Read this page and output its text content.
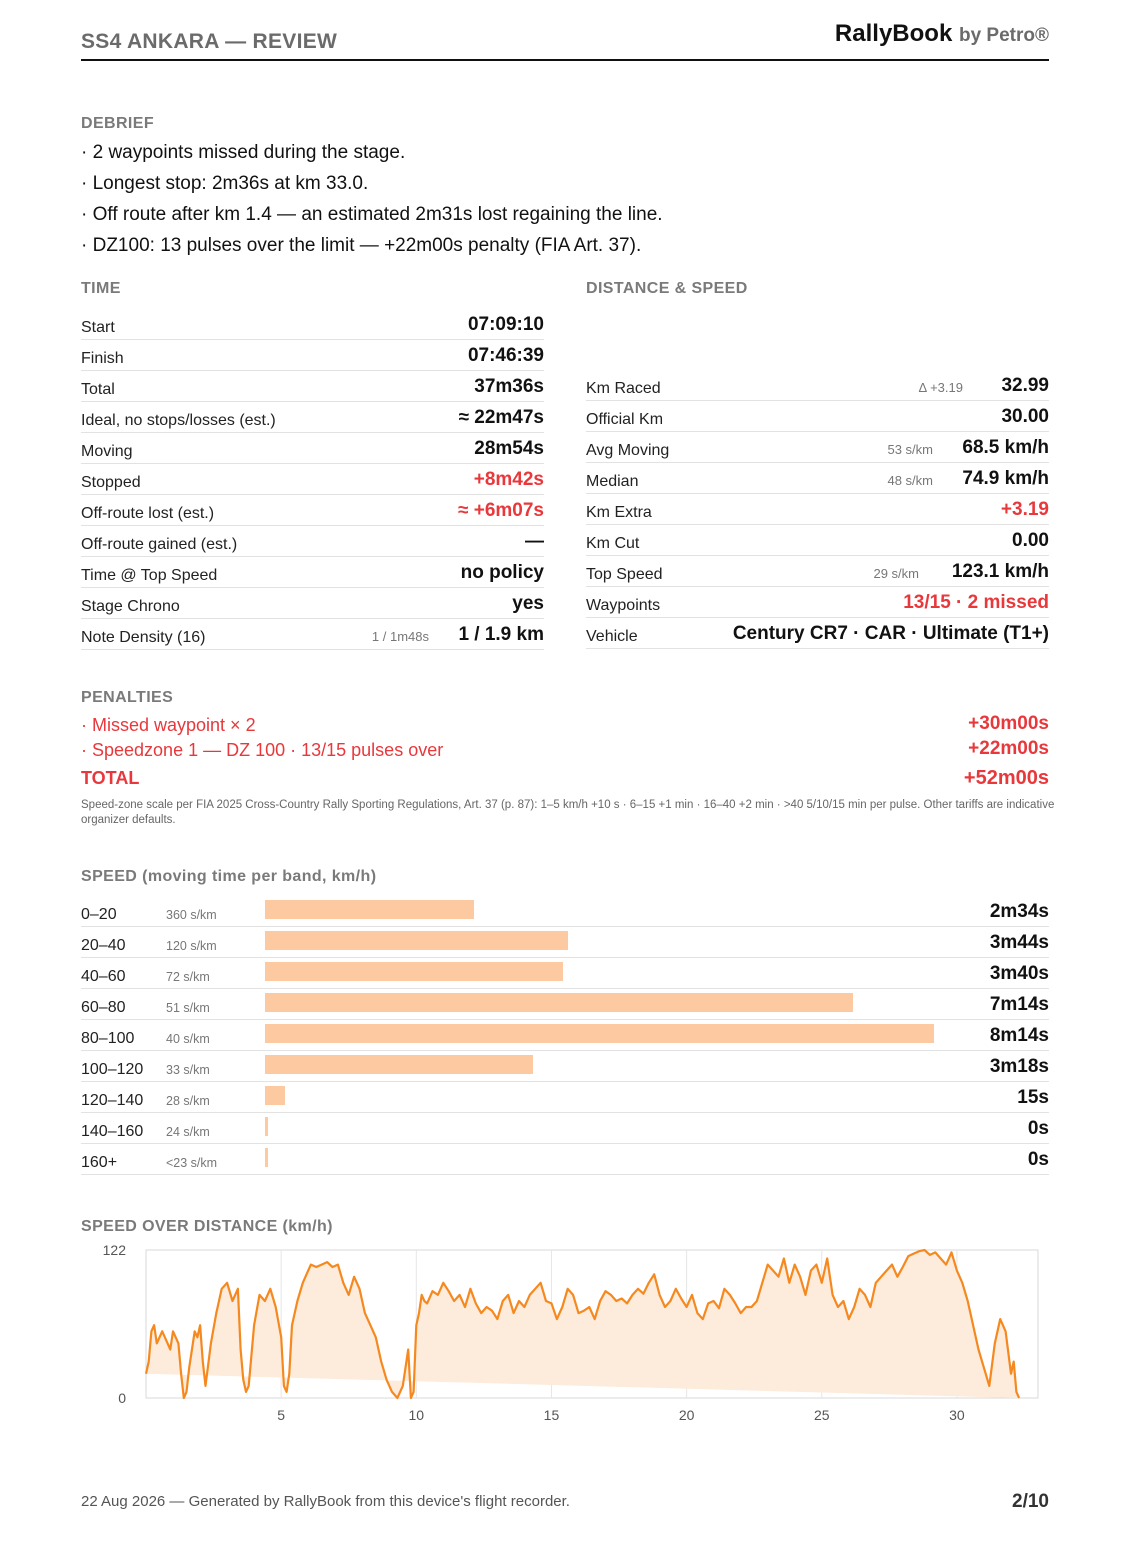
SS4 ANKARA — REVIEW	RallyBook by Petro®
DEBRIEF
· 2 waypoints missed during the stage.
· Longest stop: 2m36s at km 33.0.
· Off route after km 1.4 — an estimated 2m31s lost regaining the line.
· DZ100: 13 pulses over the limit — +22m00s penalty (FIA Art. 37).
TIME
Start	07:09:10
Finish	07:46:39
Total	37m36s
Ideal, no stops/losses (est.)	≈ 22m47s
Moving	28m54s
Stopped	+8m42s
Off-route lost (est.)	≈ +6m07s
Off-route gained (est.)	—
Time @ Top Speed	no policy
Stage Chrono	yes
Note Density (16)	1 / 1m48s 1 / 1.9 km
DISTANCE & SPEED
Km Raced	Δ +3.19 32.99
Official Km	30.00
Avg Moving	53 s/km 68.5 km/h
Median	48 s/km 74.9 km/h
Km Extra	+3.19
Km Cut	0.00
Top Speed	29 s/km 123.1 km/h
Waypoints	13/15 · 2 missed
Vehicle	Century CR7 · CAR · Ultimate (T1+)
PENALTIES
· Missed waypoint × 2	+30m00s
· Speedzone 1 — DZ 100 · 13/15 pulses over	+22m00s
TOTAL	+52m00s
Speed-zone scale per FIA 2025 Cross-Country Rally Sporting Regulations, Art. 37 (p. 87): 1–5 km/h +10 s · 6–15 +1 min · 16–40 +2 min · >40 5/10/15 min per pulse. Other tariffs are indicative organizer defaults.
SPEED (moving time per band, km/h)
0–20	360 s/km	2m34s
20–40	120 s/km	3m44s
40–60	72 s/km	3m40s
60–80	51 s/km	7m14s
80–100	40 s/km	8m14s
100–120 33 s/km	3m18s
120–140 28 s/km	15s
140–160 24 s/km	0s
160+	<23 s/km	0s
SPEED OVER DISTANCE (km/h)
5	10	15	20	25	30
0
122
22 Aug 2026 — Generated by RallyBook from this device's flight recorder.	2/10
